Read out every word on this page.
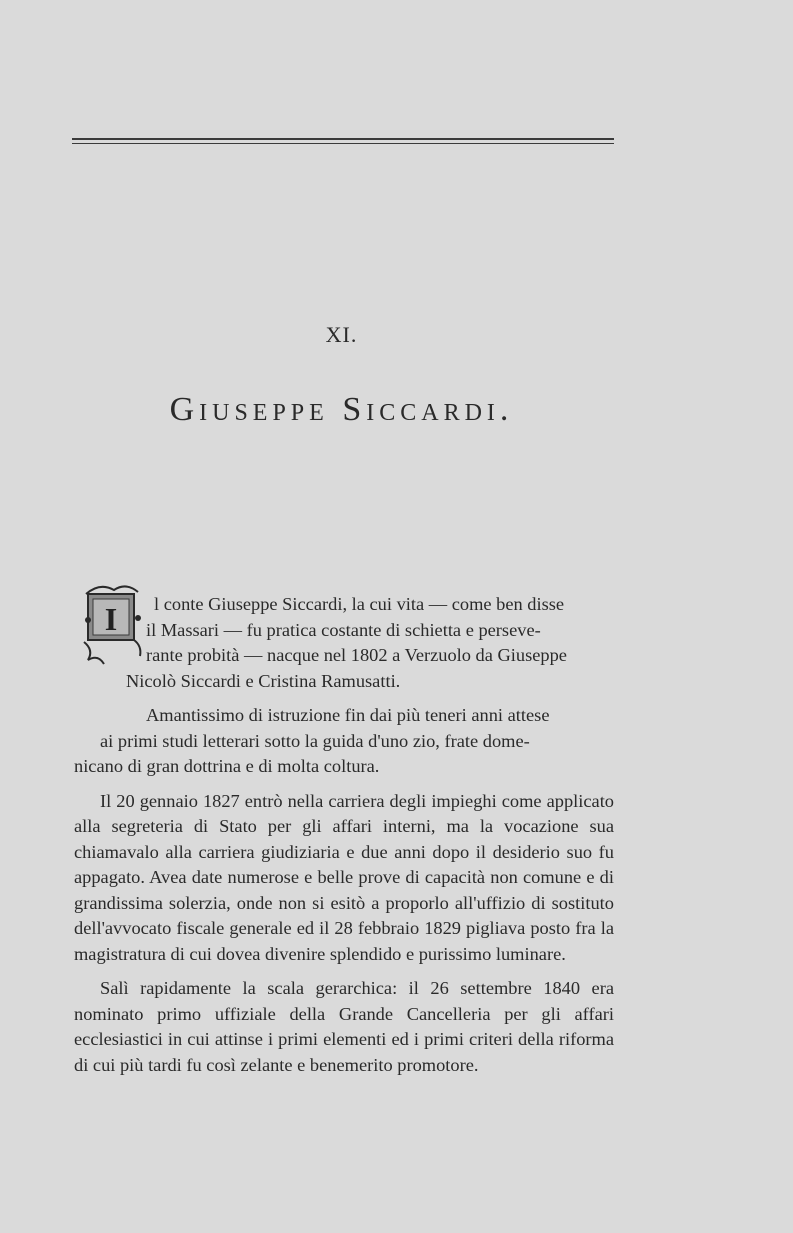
XI.
Giuseppe Siccardi.
I	l conte Giuseppe Siccardi, la cui vita — come ben disse
il Massari — fu pratica costante di schietta e perseve-
rante probità — nacque nel 1802 a Verzuolo da Giuseppe
Nicolò Siccardi e Cristina Ramusatti.

Amantissimo di istruzione fin dai più teneri anni attese
ai primi studi letterari sotto la guida d'uno zio, frate dome-
nicano di gran dottrina e di molta coltura.

Il 20 gennaio 1827 entrò nella carriera degli impieghi come applicato alla segreteria di Stato per gli affari interni, ma la vocazione sua chiamavalo alla carriera giudiziaria e due anni dopo il desiderio suo fu appagato. Avea date numerose e belle prove di capacità non comune e di grandissima solerzia, onde non si esitò a proporlo all'uffizio di sostituto dell'avvocato fiscale generale ed il 28 febbraio 1829 pigliava posto fra la magistratura di cui dovea divenire splendido e purissimo luminare.

Salì rapidamente la scala gerarchica: il 26 settembre 1840 era nominato primo uffiziale della Grande Cancelleria per gli affari ecclesiastici in cui attinse i primi elementi ed i primi criteri della riforma di cui più tardi fu così zelante e benemerito promotore.
